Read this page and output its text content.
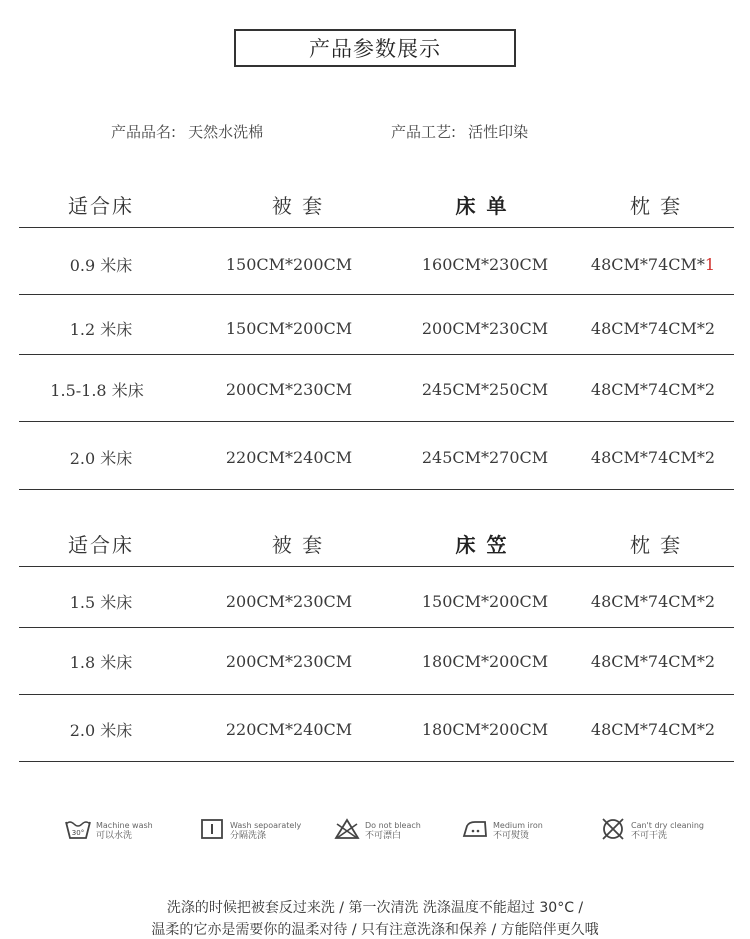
产品参数展示
产品品名: 天然水洗棉	产品工艺: 活性印染
适合床	被 套	床 单	枕 套
0.9 米床	150CM*200CM	160CM*230CM	48CM*74CM*1
1.2 米床	150CM*200CM	200CM*230CM	48CM*74CM*2
1.5-1.8 米床	200CM*230CM	245CM*250CM	48CM*74CM*2
2.0 米床	220CM*240CM	245CM*270CM	48CM*74CM*2
适合床	被 套	床 笠	枕 套
1.5 米床	200CM*230CM	150CM*200CM	48CM*74CM*2
1.8 米床	200CM*230CM	180CM*200CM	48CM*74CM*2
2.0 米床	220CM*240CM	180CM*200CM	48CM*74CM*2
30°
Machine wash
可以水洗
Wash sepoarately
分隔洗涤
Do not bleach
不可漂白
Medium iron
不可熨烫
Can't dry cleaning
不可干洗
洗涤的时候把被套反过来洗 / 第一次清洗 洗涤温度不能超过 30°C /
温柔的它亦是需要你的温柔对待 / 只有注意洗涤和保养 / 方能陪伴更久哦
